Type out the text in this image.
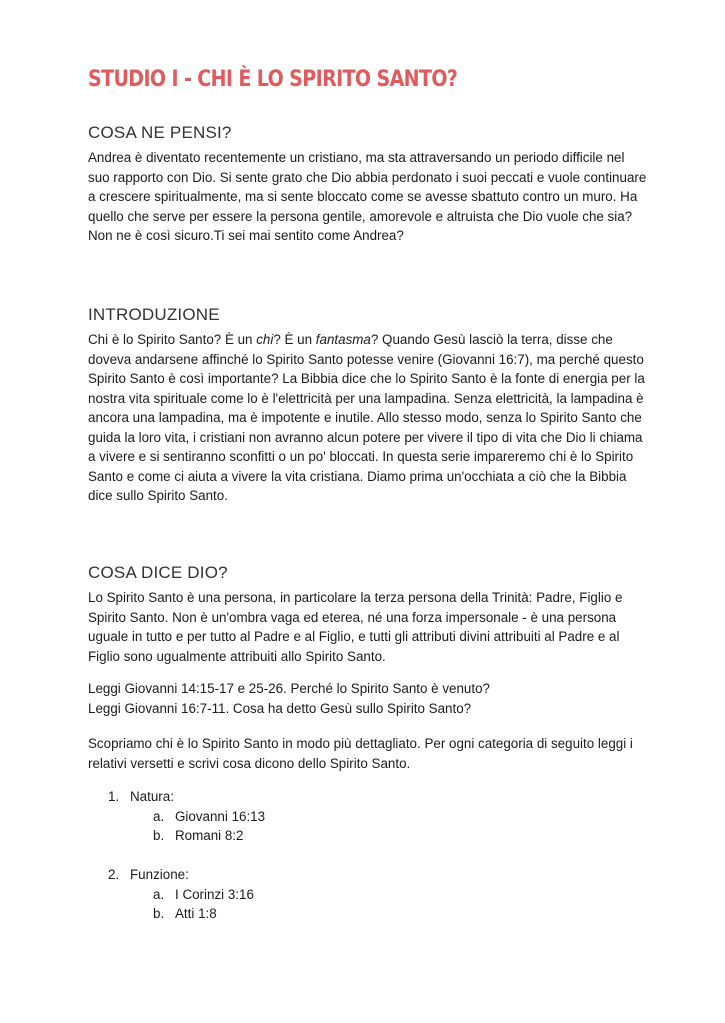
STUDIO I - CHI È LO SPIRITO SANTO?
COSA NE PENSI?

Andrea è diventato recentemente un cristiano, ma sta attraversando un periodo difficile nel suo rapporto con Dio. Si sente grato che Dio abbia perdonato i suoi peccati e vuole continuare a crescere spiritualmente, ma si sente bloccato come se avesse sbattuto contro un muro. Ha quello che serve per essere la persona gentile, amorevole e altruista che Dio vuole che sia? Non ne è così sicuro.Ti sei mai sentito come Andrea?

INTRODUZIONE

Chi è lo Spirito Santo? È un chi? È un fantasma? Quando Gesù lasciò la terra, disse che doveva andarsene affinché lo Spirito Santo potesse venire (Giovanni 16:7), ma perché questo Spirito Santo è così importante? La Bibbia dice che lo Spirito Santo è la fonte di energia per la nostra vita spirituale come lo è l'elettricità per una lampadina. Senza elettricità, la lampadina è ancora una lampadina, ma è impotente e inutile. Allo stesso modo, senza lo Spirito Santo che guida la loro vita, i cristiani non avranno alcun potere per vivere il tipo di vita che Dio li chiama a vivere e si sentiranno sconfitti o un po' bloccati. In questa serie impareremo chi è lo Spirito Santo e come ci aiuta a vivere la vita cristiana. Diamo prima un'occhiata a ciò che la Bibbia dice sullo Spirito Santo.

COSA DICE DIO?

Lo Spirito Santo è una persona, in particolare la terza persona della Trinità: Padre, Figlio e Spirito Santo. Non è un'ombra vaga ed eterea, né una forza impersonale - è una persona uguale in tutto e per tutto al Padre e al Figlio, e tutti gli attributi divini attribuiti al Padre e al Figlio sono ugualmente attribuiti allo Spirito Santo.

Leggi Giovanni 14:15-17 e 25-26. Perché lo Spirito Santo è venuto?
Leggi Giovanni 16:7-11. Cosa ha detto Gesù sullo Spirito Santo?

Scopriamo chi è lo Spirito Santo in modo più dettagliato. Per ogni categoria di seguito leggi i relativi versetti e scrivi cosa dicono dello Spirito Santo.

1. Natura:
a. Giovanni 16:13
b. Romani 8:2
2. Funzione:
a. I Corinzi 3:16
b. Atti 1:8
